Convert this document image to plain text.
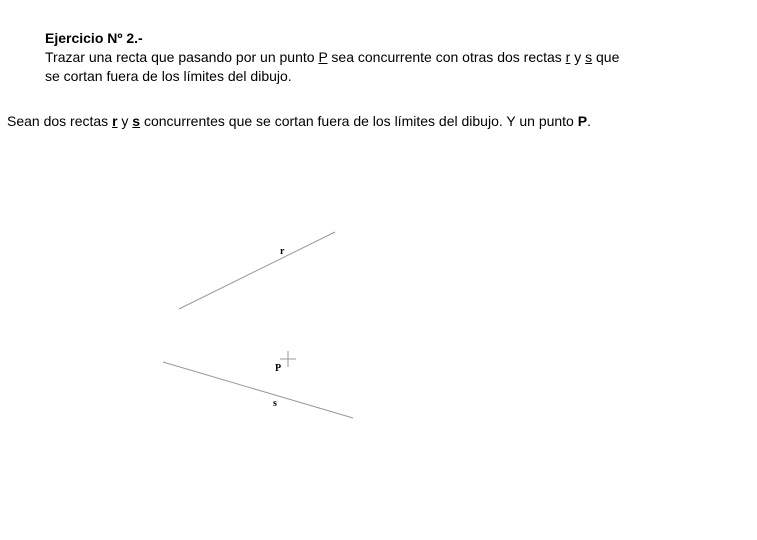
Ejercicio Nº 2.-
Trazar una recta que pasando por un punto P sea concurrente con otras dos rectas r y s que
se cortan fuera de los límites del dibujo.
Sean dos rectas r y s concurrentes que se cortan fuera de los límites del dibujo. Y un punto P.
r
P
s
